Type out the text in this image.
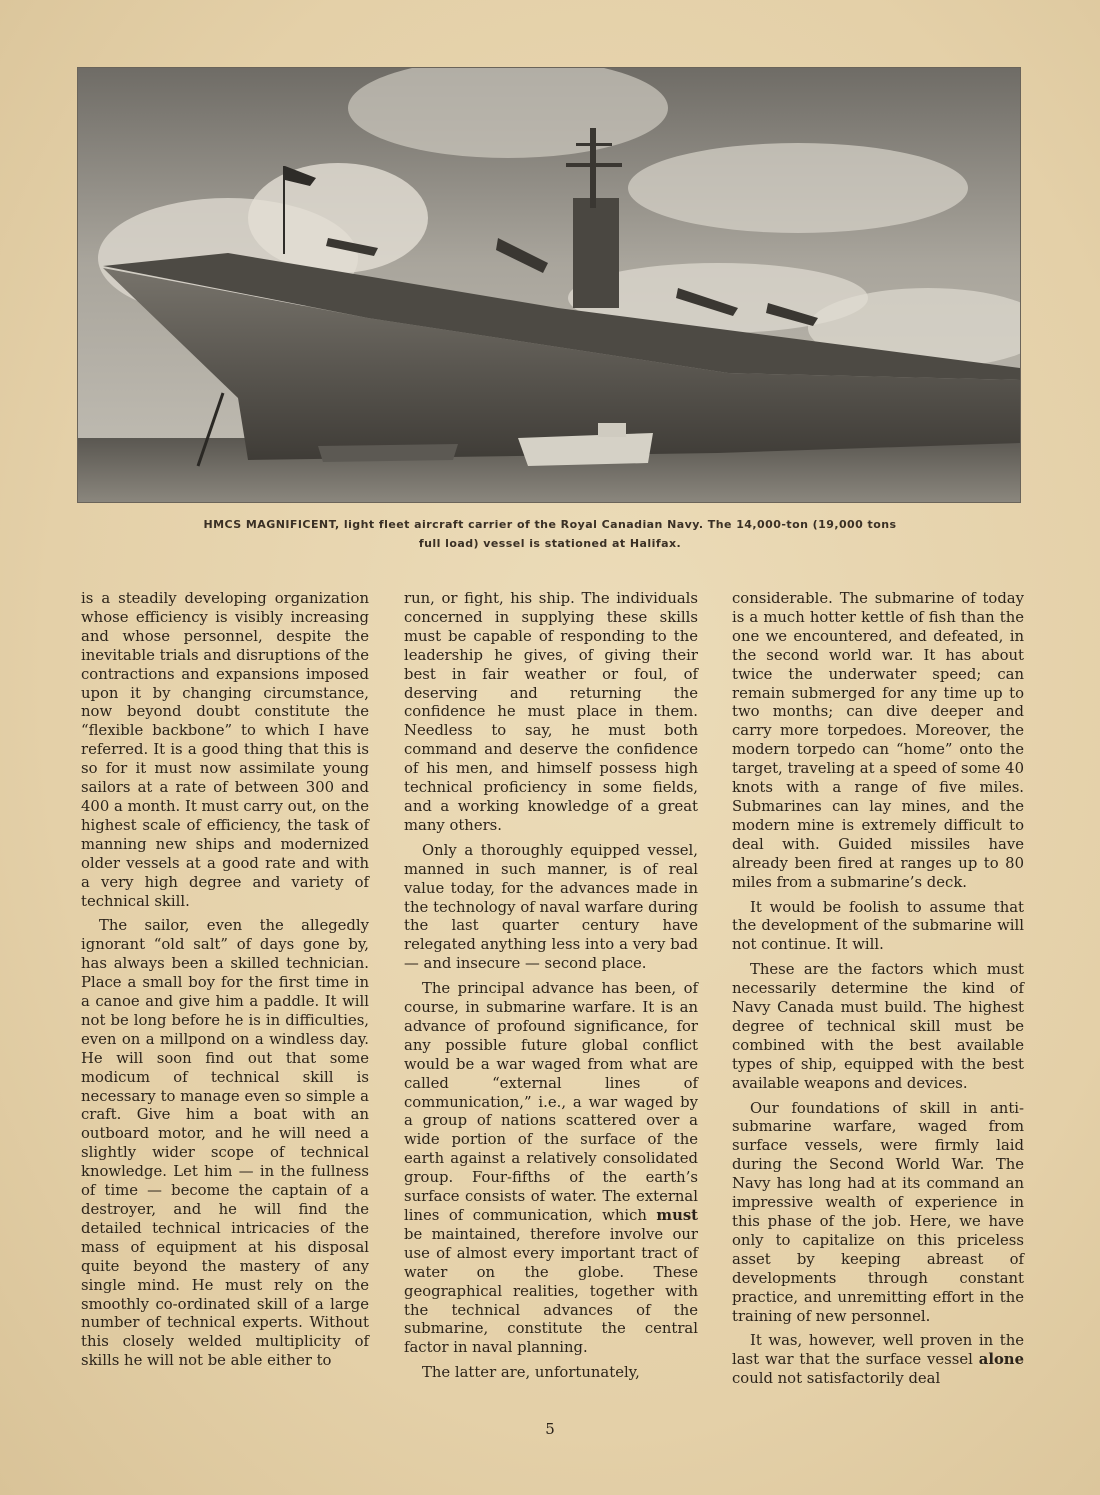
HMCS MAGNIFICENT, light fleet aircraft carrier of the Royal Canadian Navy. The 14,000-ton (19,000 tons
full load) vessel is stationed at Halifax.

is a steadily developing organization whose efficiency is visibly increasing and whose personnel, despite the inevitable trials and disruptions of the contractions and expansions imposed upon it by changing circumstance, now beyond doubt constitute the “flexible backbone” to which I have referred. It is a good thing that this is so for it must now assimilate young sailors at a rate of between 300 and 400 a month. It must carry out, on the highest scale of efficiency, the task of manning new ships and modernized older vessels at a good rate and with a very high degree and variety of technical skill.

The sailor, even the allegedly ignorant “old salt” of days gone by, has always been a skilled technician. Place a small boy for the first time in a canoe and give him a paddle. It will not be long before he is in difficulties, even on a millpond on a windless day. He will soon find out that some modicum of technical skill is necessary to manage even so simple a craft. Give him a boat with an outboard motor, and he will need a slightly wider scope of technical knowledge. Let him — in the fullness of time — become the captain of a destroyer, and he will find the detailed technical intricacies of the mass of equipment at his disposal quite beyond the mastery of any single mind. He must rely on the smoothly co-ordinated skill of a large number of technical experts. Without this closely welded multiplicity of skills he will not be able either to

run, or fight, his ship. The individuals concerned in supplying these skills must be capable of responding to the leadership he gives, of giving their best in fair weather or foul, of deserving and returning the confidence he must place in them. Needless to say, he must both command and deserve the confidence of his men, and himself possess high technical proficiency in some fields, and a working knowledge of a great many others.

Only a thoroughly equipped vessel, manned in such manner, is of real value today, for the advances made in the technology of naval warfare during the last quarter century have relegated anything less into a very bad — and insecure — second place.

The principal advance has been, of course, in submarine warfare. It is an advance of profound significance, for any possible future global conflict would be a war waged from what are called “external lines of communication,” i.e., a war waged by a group of nations scattered over a wide portion of the surface of the earth against a relatively consolidated group. Four-fifths of the earth’s surface consists of water. The external lines of communication, which must be maintained, therefore involve our use of almost every important tract of water on the globe. These geographical realities, together with the technical advances of the submarine, constitute the central factor in naval planning.

The latter are, unfortunately,

considerable. The submarine of today is a much hotter kettle of fish than the one we encountered, and defeated, in the second world war. It has about twice the underwater speed; can remain submerged for any time up to two months; can dive deeper and carry more torpedoes. Moreover, the modern torpedo can “home” onto the target, traveling at a speed of some 40 knots with a range of five miles. Submarines can lay mines, and the modern mine is extremely difficult to deal with. Guided missiles have already been fired at ranges up to 80 miles from a submarine’s deck.

It would be foolish to assume that the development of the submarine will not continue. It will.

These are the factors which must necessarily determine the kind of Navy Canada must build. The highest degree of technical skill must be combined with the best available types of ship, equipped with the best available weapons and devices.

Our foundations of skill in anti-submarine warfare, waged from surface vessels, were firmly laid during the Second World War. The Navy has long had at its command an impressive wealth of experience in this phase of the job. Here, we have only to capitalize on this priceless asset by keeping abreast of developments through constant practice, and unremitting effort in the training of new personnel.

It was, however, well proven in the last war that the surface vessel alone could not satisfactorily deal

5
